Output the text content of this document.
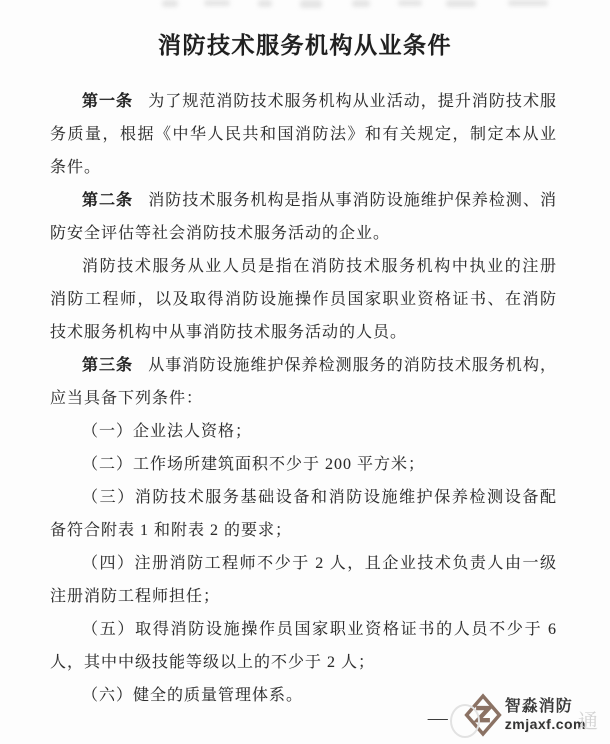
消防技术服务机构从业条件

第一条 为了规范消防技术服务机构从业活动，提升消防技术服务质量，根据《中华人民共和国消防法》和有关规定，制定本从业条件。

第二条 消防技术服务机构是指从事消防设施维护保养检测、消防安全评估等社会消防技术服务活动的企业。

消防技术服务从业人员是指在消防技术服务机构中执业的注册消防工程师，以及取得消防设施操作员国家职业资格证书、在消防技术服务机构中从事消防技术服务活动的人员。

第三条 从事消防设施维护保养检测服务的消防技术服务机构，应当具备下列条件：

（一）企业法人资格；

（二）工作场所建筑面积不少于 200 平方米；

（三）消防技术服务基础设备和消防设施维护保养检测设备配备符合附表 1 和附表 2 的要求；

（四）注册消防工程师不少于 2 人，且企业技术负责人由一级注册消防工程师担任；

（五）取得消防设施操作员国家职业资格证书的人员不少于 6 人，其中中级技能等级以上的不少于 2 人；

（六）健全的质量管理体系。

—	智淼消防
zmjaxf.com
通
